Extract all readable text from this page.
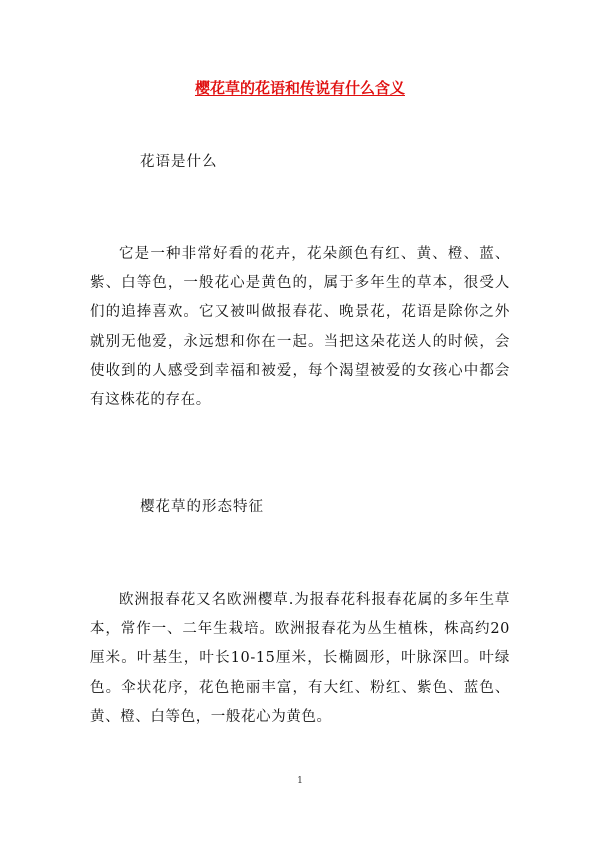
樱花草的花语和传说有什么含义
花语是什么

它是一种非常好看的花卉，花朵颜色有红、黄、橙、蓝、紫、白等色，一般花心是黄色的，属于多年生的草本，很受人们的追捧喜欢。它又被叫做报春花、晚景花，花语是除你之外就别无他爱，永远想和你在一起。当把这朵花送人的时候，会使收到的人感受到幸福和被爱，每个渴望被爱的女孩心中都会有这株花的存在。

樱花草的形态特征

欧洲报春花又名欧洲樱草.为报春花科报春花属的多年生草本，常作一、二年生栽培。欧洲报春花为丛生植株，株高约20厘米。叶基生，叶长10-15厘米，长椭圆形，叶脉深凹。叶绿色。伞状花序，花色艳丽丰富，有大红、粉红、紫色、蓝色、黄、橙、白等色，一般花心为黄色。

1
